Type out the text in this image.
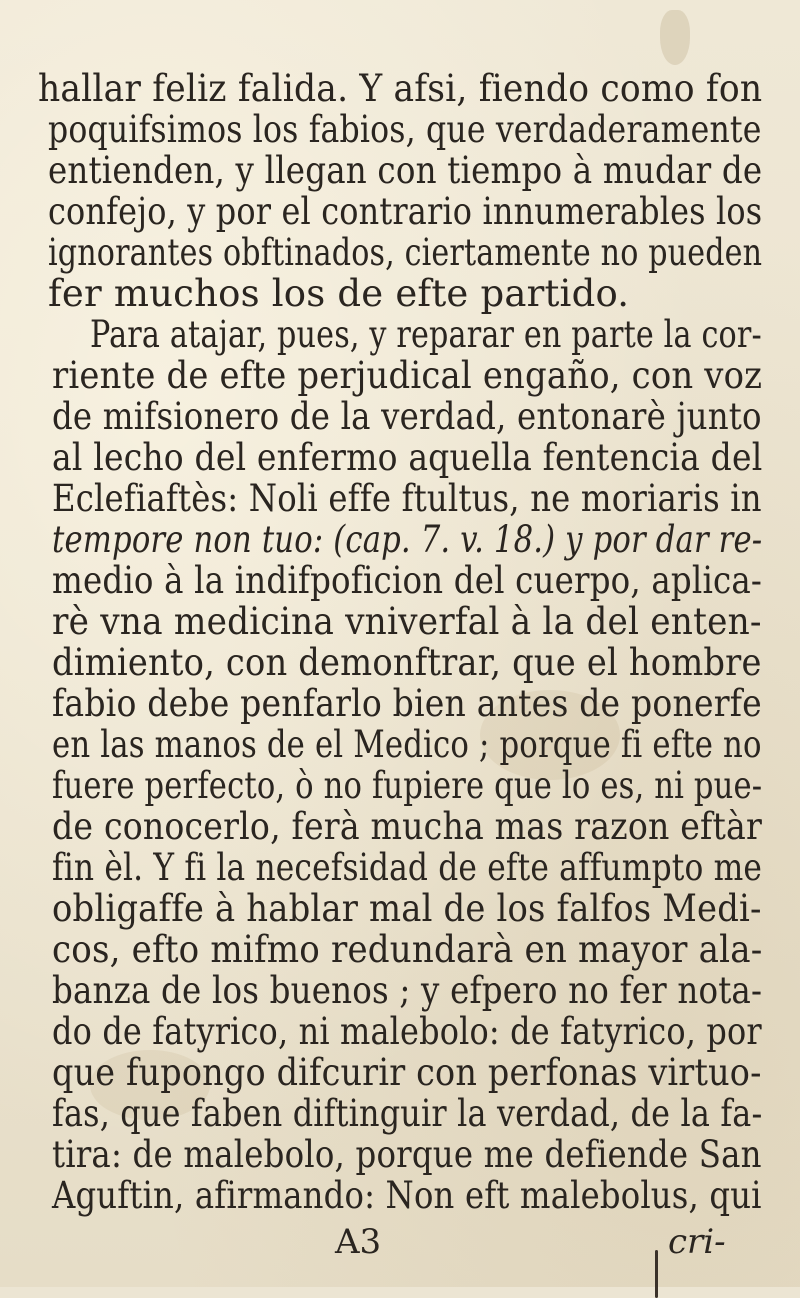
hallar feliz falida. Y afsi, fiendo como fon
poquifsimos los fabios, que verdaderamente
entienden, y llegan con tiempo à mudar de
confejo, y por el contrario innumerables los
ignorantes obftinados, ciertamente no pueden
fer muchos los de efte partido.
Para atajar, pues, y reparar en parte la cor-
riente de efte perjudical engaño, con voz
de mifsionero de la verdad, entonarè junto
al lecho del enfermo aquella fentencia del
Eclefiaftès: Noli effe ftultus, ne moriaris in
tempore non tuo: (cap. 7. v. 18.) y por dar re-
medio à la indifpoficion del cuerpo, aplica-
rè vna medicina vniverfal à la del enten-
dimiento, con demonftrar, que el hombre
fabio debe penfarlo bien antes de ponerfe
en las manos de el Medico ; porque fi efte no
fuere perfecto, ò no fupiere que lo es, ni pue-
de conocerlo, ferà mucha mas razon eftàr
fin èl. Y fi la necefsidad de efte affumpto me
obligaffe à hablar mal de los falfos Medi-
cos, efto mifmo redundarà en mayor ala-
banza de los buenos ; y efpero no fer nota-
do de fatyrico, ni malebolo: de fatyrico, por
que fupongo difcurir con perfonas virtuo-
fas, que faben diftinguir la verdad, de la fa-
tira: de malebolo, porque me defiende San
Aguftin, afirmando: Non eft malebolus, qui
A3	cri-
